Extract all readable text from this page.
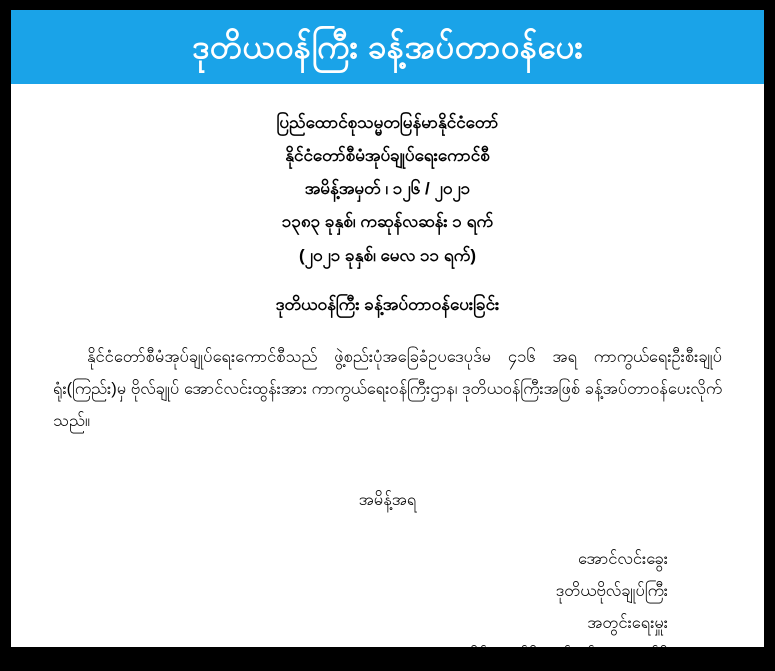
ဒုတိယဝန်ကြီး ခန့်အပ်တာဝန်ပေး
ပြည်ထောင်စုသမ္မတမြန်မာနိုင်ငံတော်
နိုင်ငံတော်စီမံအုပ်ချုပ်ရေးကောင်စီ
အမိန့်အမှတ် ၊ ၁၂၆ / ၂၀၂၁
၁၃၈၃ ခုနှစ်၊ ကဆုန်လဆန်း ၁ ရက်
(၂၀၂၁ ခုနှစ်၊ မေလ ၁၁ ရက်)
ဒုတိယဝန်ကြီး ခန့်အပ်တာဝန်ပေးခြင်း
နိုင်ငံတော်စီမံအုပ်ချုပ်ရေးကောင်စီသည် ဖွဲ့စည်းပုံအခြေခံဥပဒေပုဒ်မ ၄၁၆ အရ ကာကွယ်ရေးဦးစီးချုပ်ရုံး(ကြည်း)မှ ဗိုလ်ချုပ် အောင်လင်းထွန်းအား ကာကွယ်ရေးဝန်ကြီးဌာန၊ ဒုတိယဝန်ကြီးအဖြစ် ခန့်အပ်တာဝန်ပေးလိုက်သည်။
အမိန့်အရ
အောင်လင်းခွေး
ဒုတိယဗိုလ်ချုပ်ကြီး
အတွင်းရေးမှူး
နိုင်ငံတော်စီမံအုပ်ချုပ်ရေးကောင်စီ
